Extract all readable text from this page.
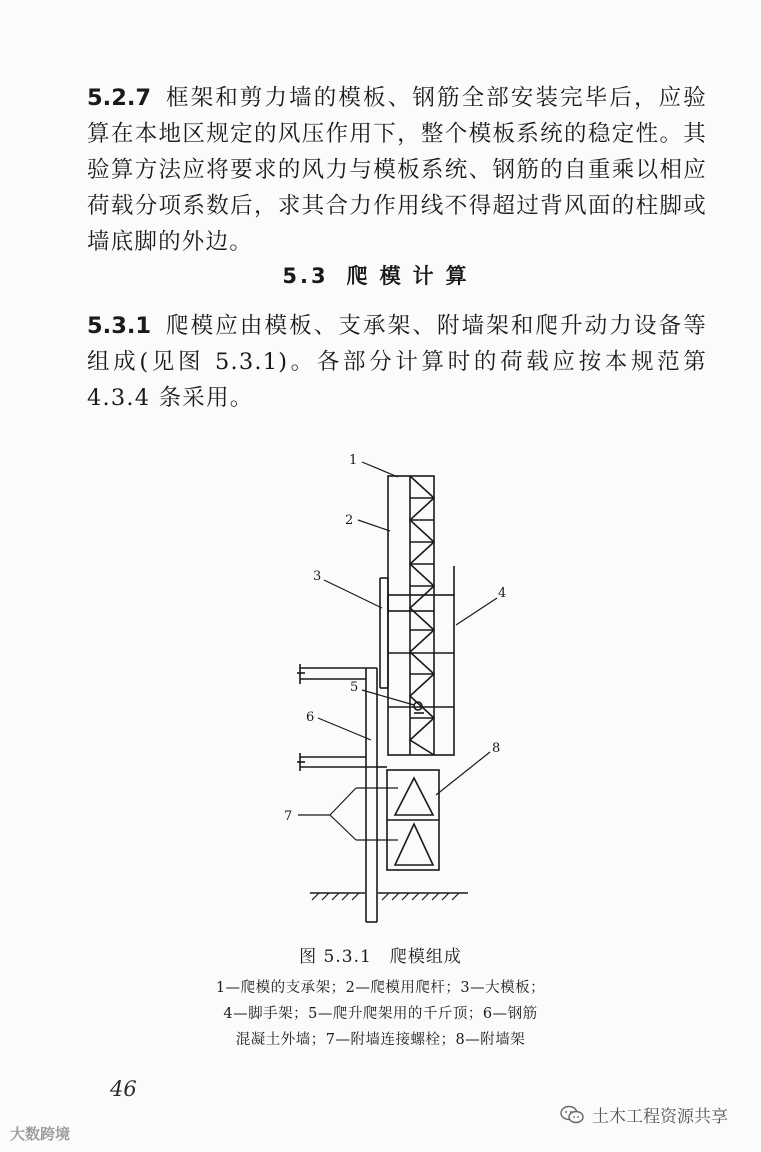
5.2.7 框架和剪力墙的模板、钢筋全部安装完毕后，应验算在本地区规定的风压作用下，整个模板系统的稳定性。其验算方法应将要求的风力与模板系统、钢筋的自重乘以相应荷载分项系数后，求其合力作用线不得超过背风面的柱脚或墙底脚的外边。
5.3 爬模计算
5.3.1 爬模应由模板、支承架、附墙架和爬升动力设备等组成(见图 5.3.1)。各部分计算时的荷载应按本规范第 4.3.4 条采用。
1
2
3
4
5
6
7
8
图 5.3.1 爬模组成
1—爬模的支承架；2—爬模用爬杆；3—大模板；
4—脚手架；5—爬升爬架用的千斤顶；6—钢筋
混凝土外墙；7—附墙连接螺栓；8—附墙架
46
大数跨境
土木工程资源共享
